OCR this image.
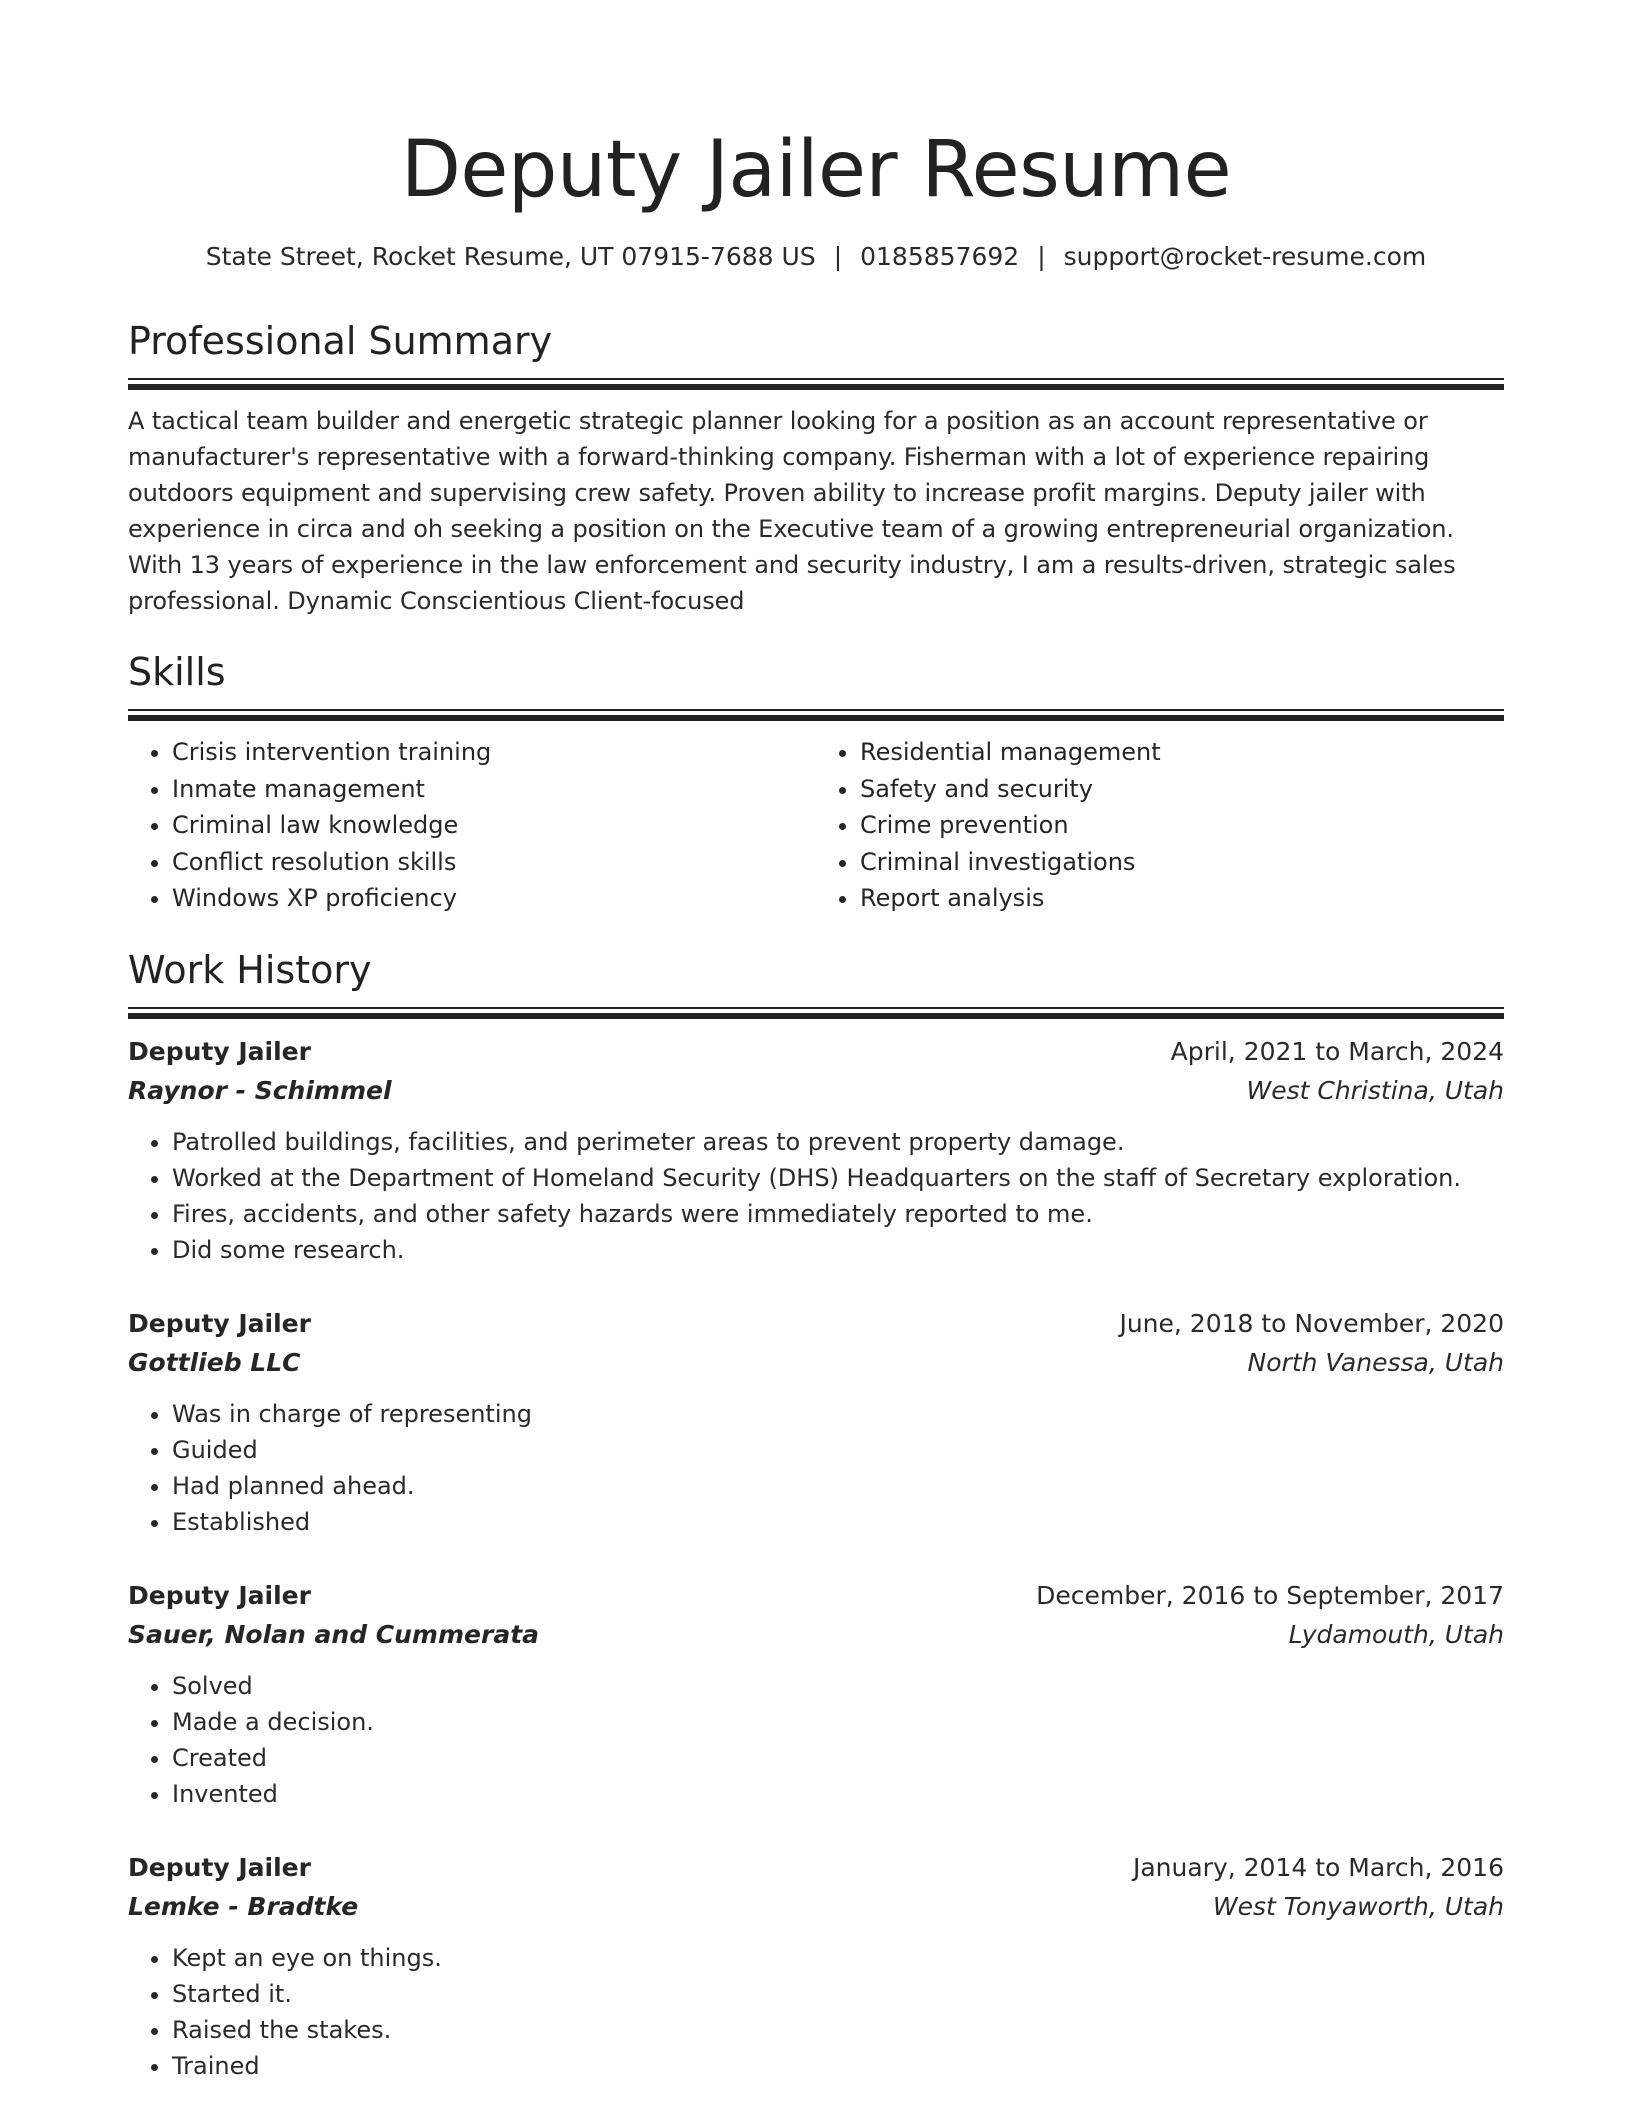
Deputy Jailer Resume
State Street, Rocket Resume, UT 07915-7688 US | 0185857692 | support@rocket-resume.com
Professional Summary
A tactical team builder and energetic strategic planner looking for a position as an account representative or manufacturer's representative with a forward-thinking company. Fisherman with a lot of experience repairing outdoors equipment and supervising crew safety. Proven ability to increase profit margins. Deputy jailer with experience in circa and oh seeking a position on the Executive team of a growing entrepreneurial organization. With 13 years of experience in the law enforcement and security industry, I am a results-driven, strategic sales professional. Dynamic Conscientious Client-focused
Skills
• Crisis intervention training
• Inmate management
• Criminal law knowledge
• Conflict resolution skills
• Windows XP proficiency
• Residential management
• Safety and security
• Crime prevention
• Criminal investigations
• Report analysis
Work History
Deputy Jailer	April, 2021 to March, 2024
Raynor - Schimmel	West Christina, Utah
• Patrolled buildings, facilities, and perimeter areas to prevent property damage.
• Worked at the Department of Homeland Security (DHS) Headquarters on the staff of Secretary exploration.
• Fires, accidents, and other safety hazards were immediately reported to me.
• Did some research.
Deputy Jailer	June, 2018 to November, 2020
Gottlieb LLC	North Vanessa, Utah
• Was in charge of representing
• Guided
• Had planned ahead.
• Established
Deputy Jailer	December, 2016 to September, 2017
Sauer, Nolan and Cummerata	Lydamouth, Utah
• Solved
• Made a decision.
• Created
• Invented
Deputy Jailer	January, 2014 to March, 2016
Lemke - Bradtke	West Tonyaworth, Utah
• Kept an eye on things.
• Started it.
• Raised the stakes.
• Trained
